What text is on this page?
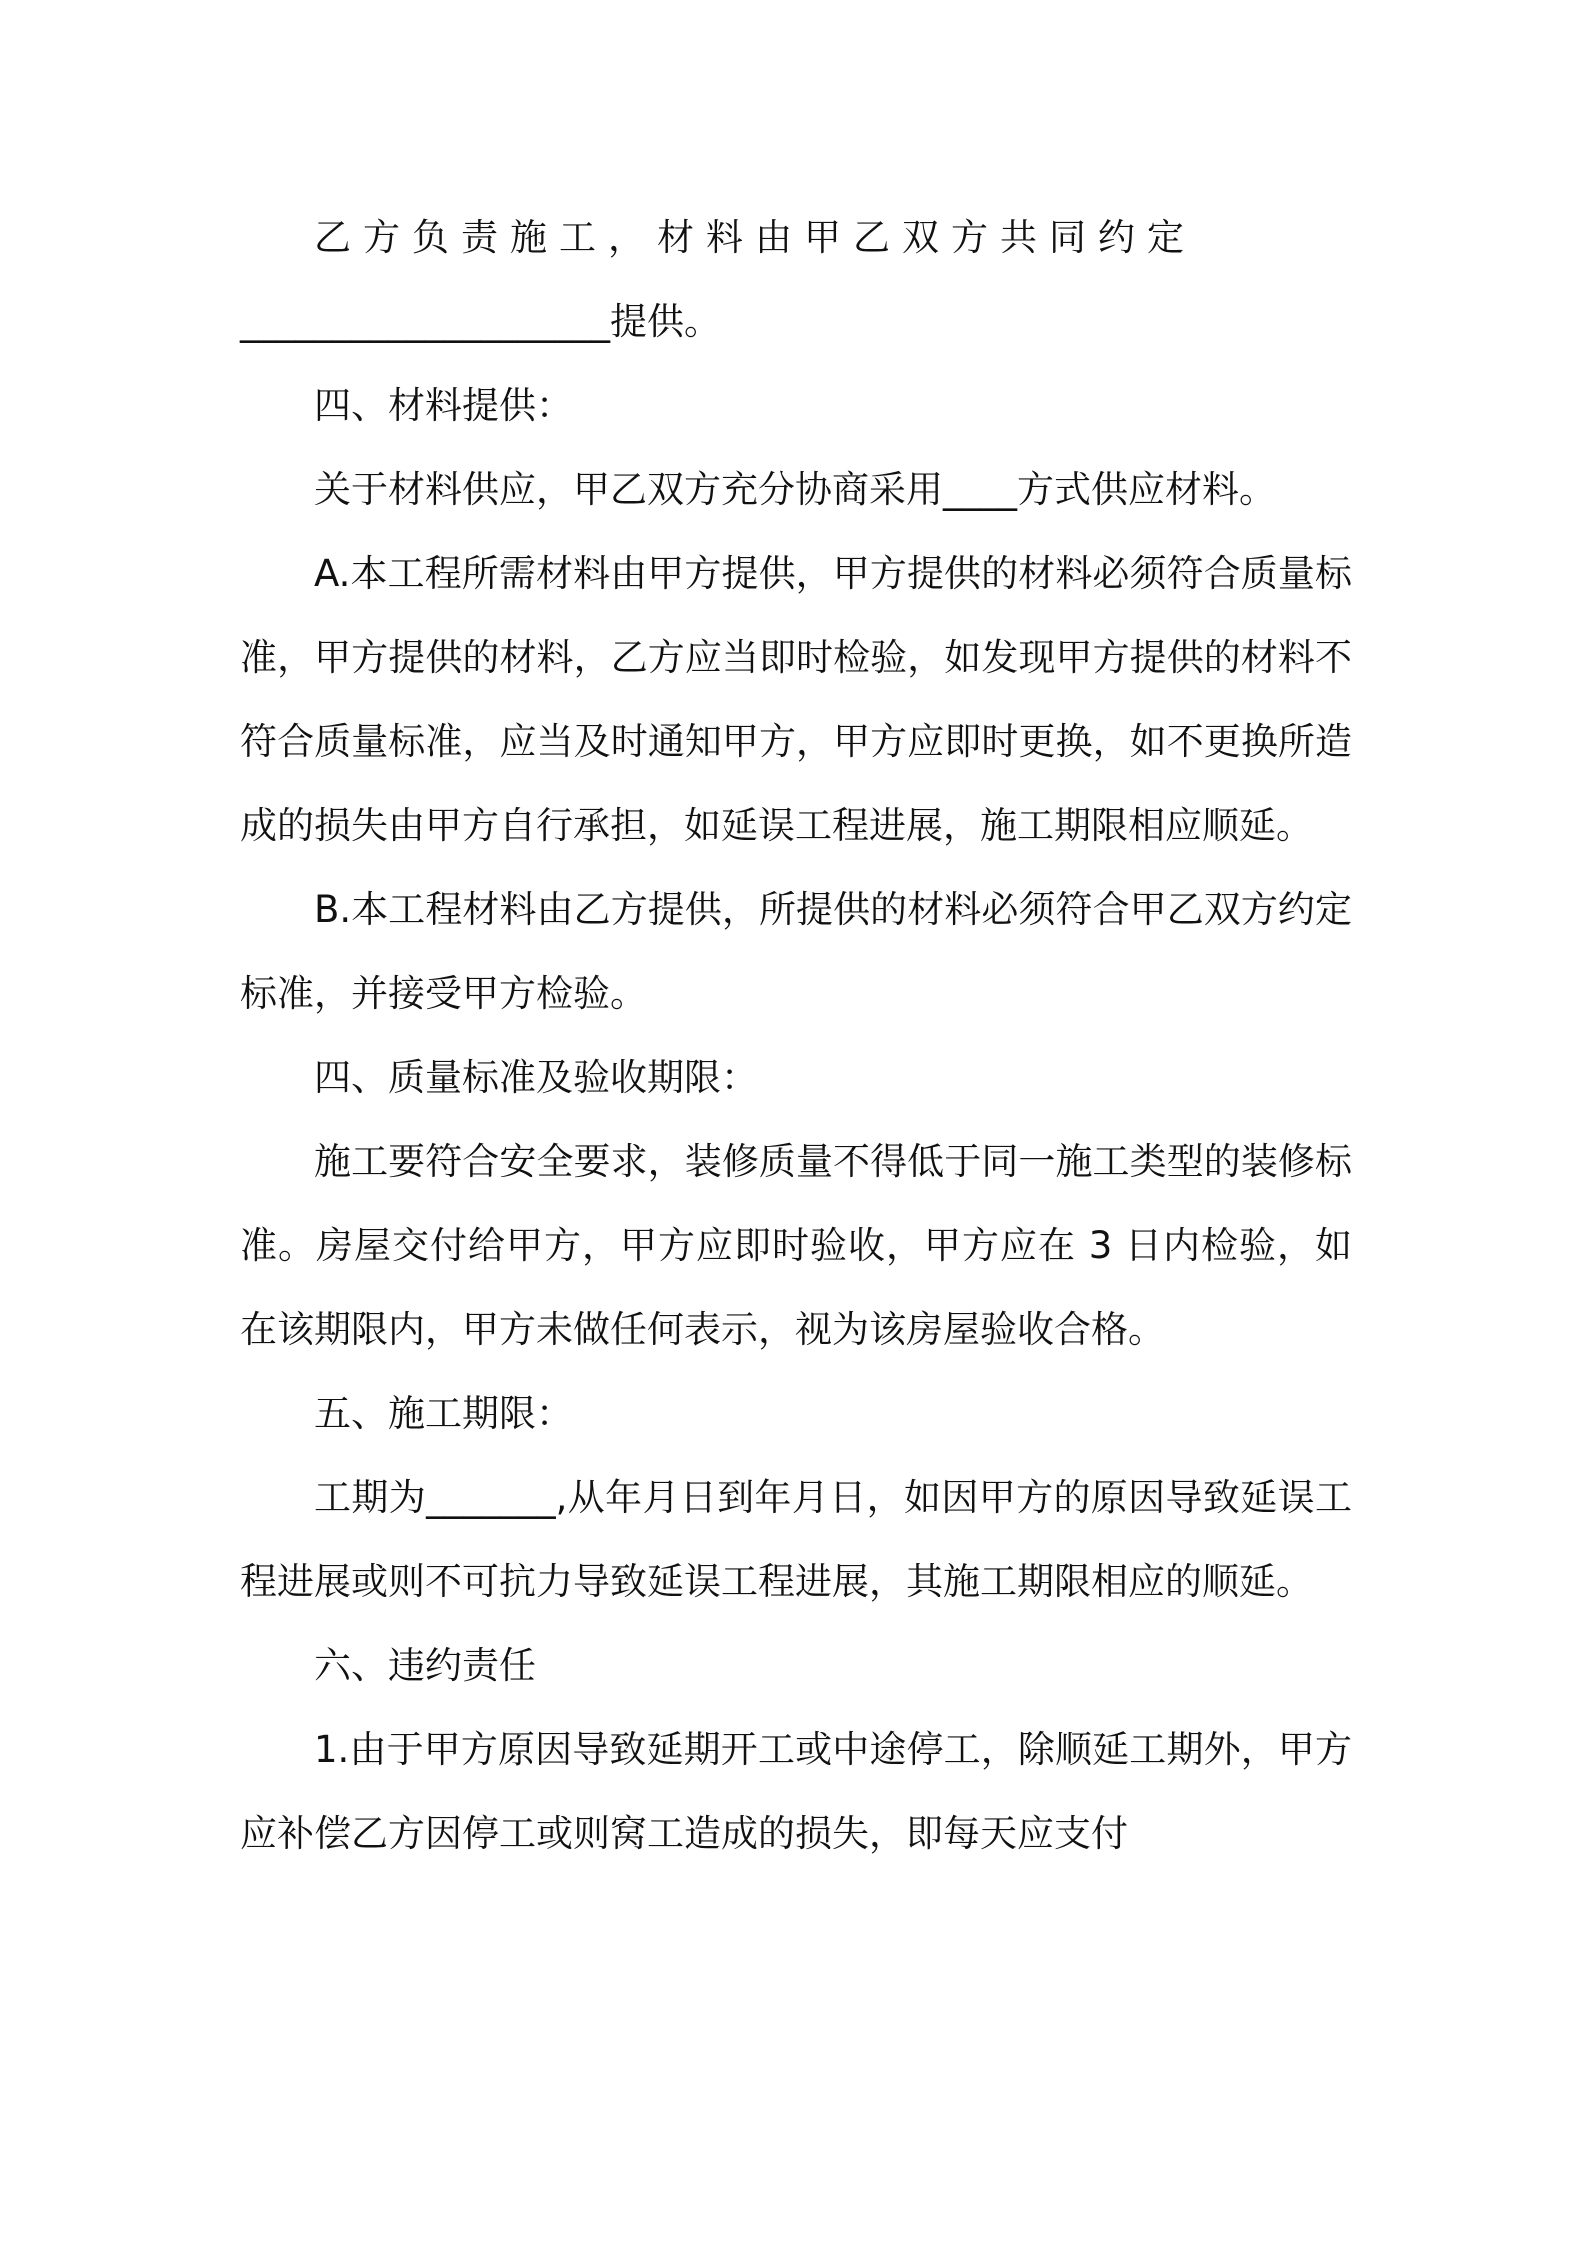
乙方负责施工，材料由甲乙双方共同约定

____________________提供。

四、材料提供：

关于材料供应，甲乙双方充分协商采用____方式供应材料。

A.本工程所需材料由甲方提供，甲方提供的材料必须符合质量标准，甲方提供的材料，乙方应当即时检验，如发现甲方提供的材料不符合质量标准，应当及时通知甲方，甲方应即时更换，如不更换所造成的损失由甲方自行承担，如延误工程进展，施工期限相应顺延。

B.本工程材料由乙方提供，所提供的材料必须符合甲乙双方约定标准，并接受甲方检验。

四、质量标准及验收期限：

施工要符合安全要求，装修质量不得低于同一施工类型的装修标准。房屋交付给甲方，甲方应即时验收，甲方应在 3 日内检验，如在该期限内，甲方未做任何表示，视为该房屋验收合格。

五、施工期限：

工期为_______,从年月日到年月日，如因甲方的原因导致延误工程进展或则不可抗力导致延误工程进展，其施工期限相应的顺延。

六、违约责任

1.由于甲方原因导致延期开工或中途停工，除顺延工期外，甲方应补偿乙方因停工或则窝工造成的损失，即每天应支付
